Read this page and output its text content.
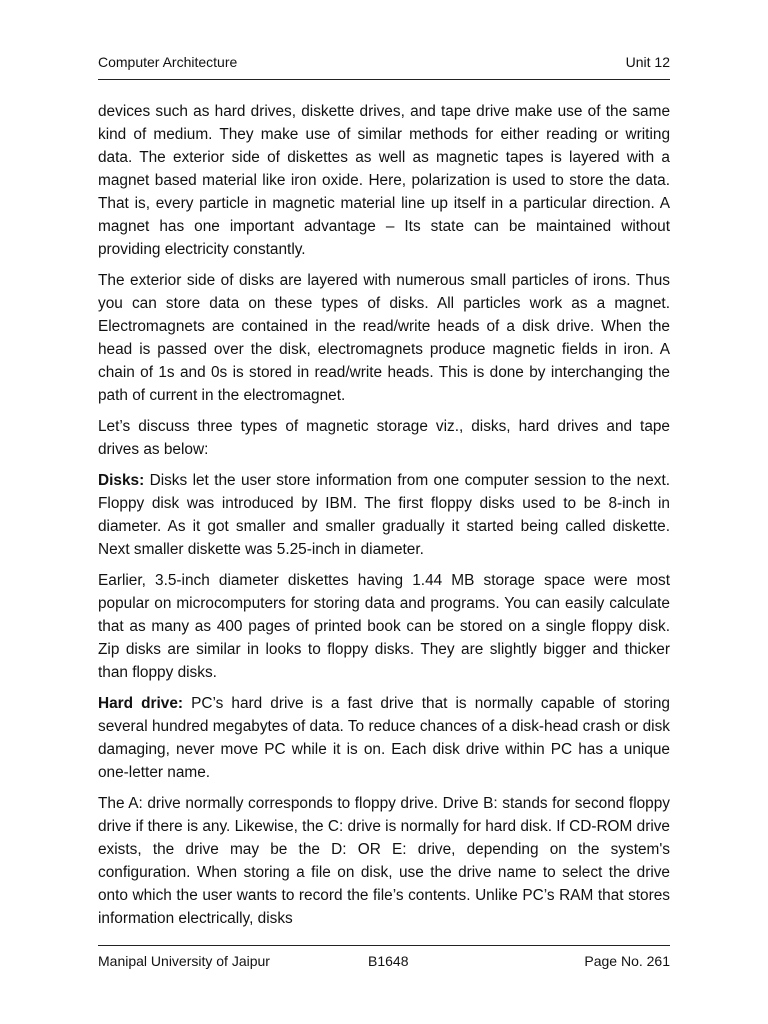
Computer Architecture	Unit 12

devices such as hard drives, diskette drives, and tape drive make use of the same kind of medium. They make use of similar methods for either reading or writing data. The exterior side of diskettes as well as magnetic tapes is layered with a magnet based material like iron oxide. Here, polarization is used to store the data. That is, every particle in magnetic material line up itself in a particular direction. A magnet has one important advantage – Its state can be maintained without providing electricity constantly.

The exterior side of disks are layered with numerous small particles of irons. Thus you can store data on these types of disks. All particles work as a magnet. Electromagnets are contained in the read/write heads of a disk drive. When the head is passed over the disk, electromagnets produce magnetic fields in iron. A chain of 1s and 0s is stored in read/write heads. This is done by interchanging the path of current in the electromagnet.

Let’s discuss three types of magnetic storage viz., disks, hard drives and tape drives as below:

Disks: Disks let the user store information from one computer session to the next. Floppy disk was introduced by IBM. The first floppy disks used to be 8-inch in diameter. As it got smaller and smaller gradually it started being called diskette. Next smaller diskette was 5.25-inch in diameter.

Earlier, 3.5-inch diameter diskettes having 1.44 MB storage space were most popular on microcomputers for storing data and programs. You can easily calculate that as many as 400 pages of printed book can be stored on a single floppy disk. Zip disks are similar in looks to floppy disks. They are slightly bigger and thicker than floppy disks.

Hard drive: PC’s hard drive is a fast drive that is normally capable of storing several hundred megabytes of data. To reduce chances of a disk-head crash or disk damaging, never move PC while it is on. Each disk drive within PC has a unique one-letter name.

The A: drive normally corresponds to floppy drive. Drive B: stands for second floppy drive if there is any. Likewise, the C: drive is normally for hard disk. If CD-ROM drive exists, the drive may be the D: OR E: drive, depending on the system's configuration. When storing a file on disk, use the drive name to select the drive onto which the user wants to record the file’s contents. Unlike PC’s RAM that stores information electrically, disks

Manipal University of Jaipur	B1648	Page No. 261
